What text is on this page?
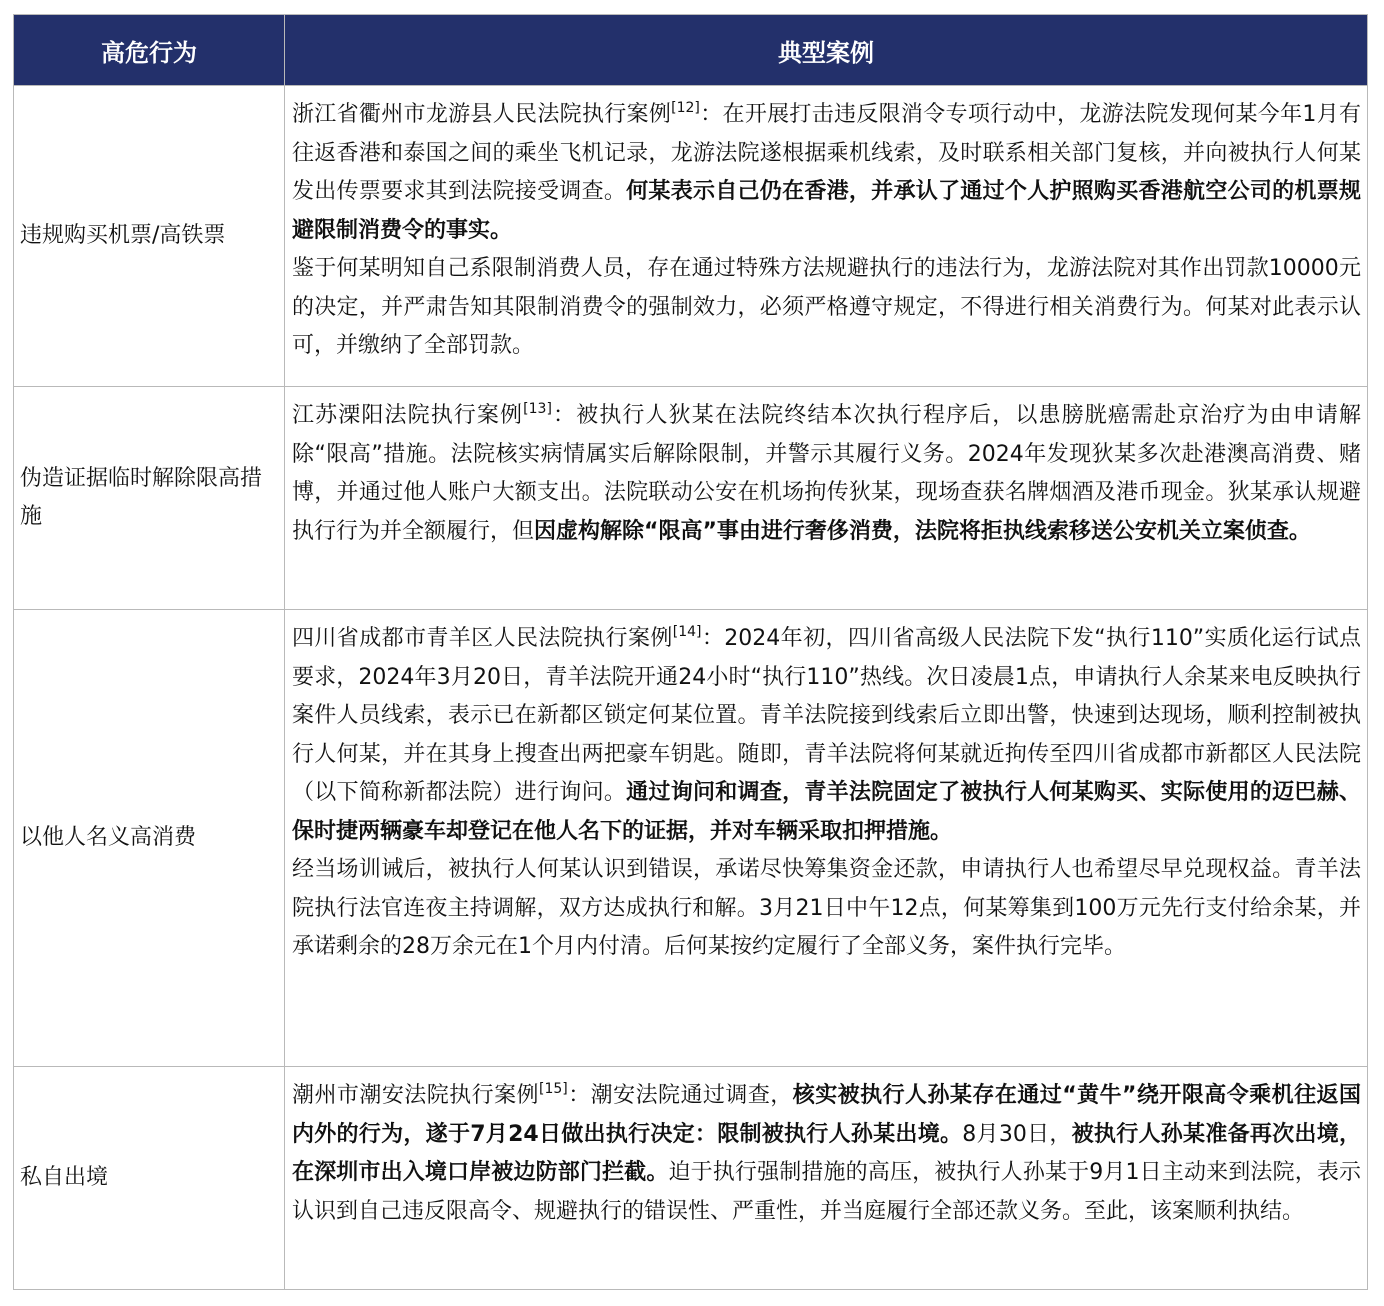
高危行为	典型案例
违规购买机票/高铁票	浙江省衢州市龙游县人民法院执行案例[12]：在开展打击违反限消令专项行动中，龙游法院发现何某今年1月有往返香港和泰国之间的乘坐飞机记录，龙游法院遂根据乘机线索，及时联系相关部门复核，并向被执行人何某发出传票要求其到法院接受调查。何某表示自己仍在香港，并承认了通过个人护照购买香港航空公司的机票规避限制消费令的事实。

鉴于何某明知自己系限制消费人员，存在通过特殊方法规避执行的违法行为，龙游法院对其作出罚款10000元的决定，并严肃告知其限制消费令的强制效力，必须严格遵守规定，不得进行相关消费行为。何某对此表示认可，并缴纳了全部罚款。

伪造证据临时解除限高措施	江苏溧阳法院执行案例[13]：被执行人狄某在法院终结本次执行程序后，以患膀胱癌需赴京治疗为由申请解除“限高”措施。法院核实病情属实后解除限制，并警示其履行义务。2024年发现狄某多次赴港澳高消费、赌博，并通过他人账户大额支出。法院联动公安在机场拘传狄某，现场查获名牌烟酒及港币现金。狄某承认规避执行行为并全额履行，但因虚构解除“限高”事由进行奢侈消费，法院将拒执线索移送公安机关立案侦查。

以他人名义高消费	四川省成都市青羊区人民法院执行案例[14]：2024年初，四川省高级人民法院下发“执行110”实质化运行试点要求，2024年3月20日，青羊法院开通24小时“执行110”热线。次日凌晨1点，申请执行人余某来电反映执行案件人员线索，表示已在新都区锁定何某位置。青羊法院接到线索后立即出警，快速到达现场，顺利控制被执行人何某，并在其身上搜查出两把豪车钥匙。随即，青羊法院将何某就近拘传至四川省成都市新都区人民法院（以下简称新都法院）进行询问。通过询问和调查，青羊法院固定了被执行人何某购买、实际使用的迈巴赫、保时捷两辆豪车却登记在他人名下的证据，并对车辆采取扣押措施。

经当场训诫后，被执行人何某认识到错误，承诺尽快筹集资金还款，申请执行人也希望尽早兑现权益。青羊法院执行法官连夜主持调解，双方达成执行和解。3月21日中午12点，何某筹集到100万元先行支付给余某，并承诺剩余的28万余元在1个月内付清。后何某按约定履行了全部义务，案件执行完毕。

私自出境	潮州市潮安法院执行案例[15]：潮安法院通过调查，核实被执行人孙某存在通过“黄牛”绕开限高令乘机往返国内外的行为，遂于7月24日做出执行决定：限制被执行人孙某出境。8月30日，被执行人孙某准备再次出境，在深圳市出入境口岸被边防部门拦截。迫于执行强制措施的高压，被执行人孙某于9月1日主动来到法院，表示认识到自己违反限高令、规避执行的错误性、严重性，并当庭履行全部还款义务。至此，该案顺利执结。
